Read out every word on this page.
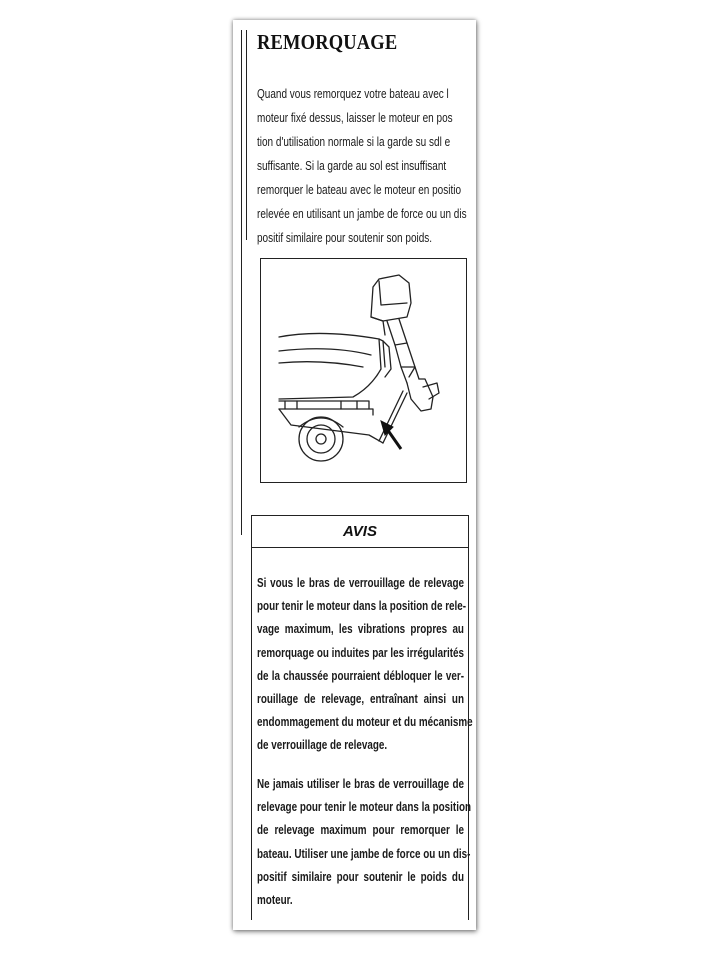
REMORQUAGE

Quand vous remorquez votre bateau avec l
moteur fixé dessus, laisser le moteur en pos
tion d'utilisation normale si la garde su sdl e
suffisante. Si la garde au sol est insuffisant
remorquer le bateau avec le moteur en positio
relevée en utilisant un jambe de force ou un dis
positif similaire pour soutenir son poids.

AVIS

Si vous le bras de verrouillage de relevage
pour tenir le moteur dans la position de rele-
vage maximum, les vibrations propres au
remorquage ou induites par les irrégularités
de la chaussée pourraient débloquer le ver-
rouillage de relevage, entraînant ainsi un
endommagement du moteur et du mécanisme
de verrouillage de relevage.

Ne jamais utiliser le bras de verrouillage de
relevage pour tenir le moteur dans la position
de relevage maximum pour remorquer le
bateau. Utiliser une jambe de force ou un dis-
positif similaire pour soutenir le poids du
moteur.
